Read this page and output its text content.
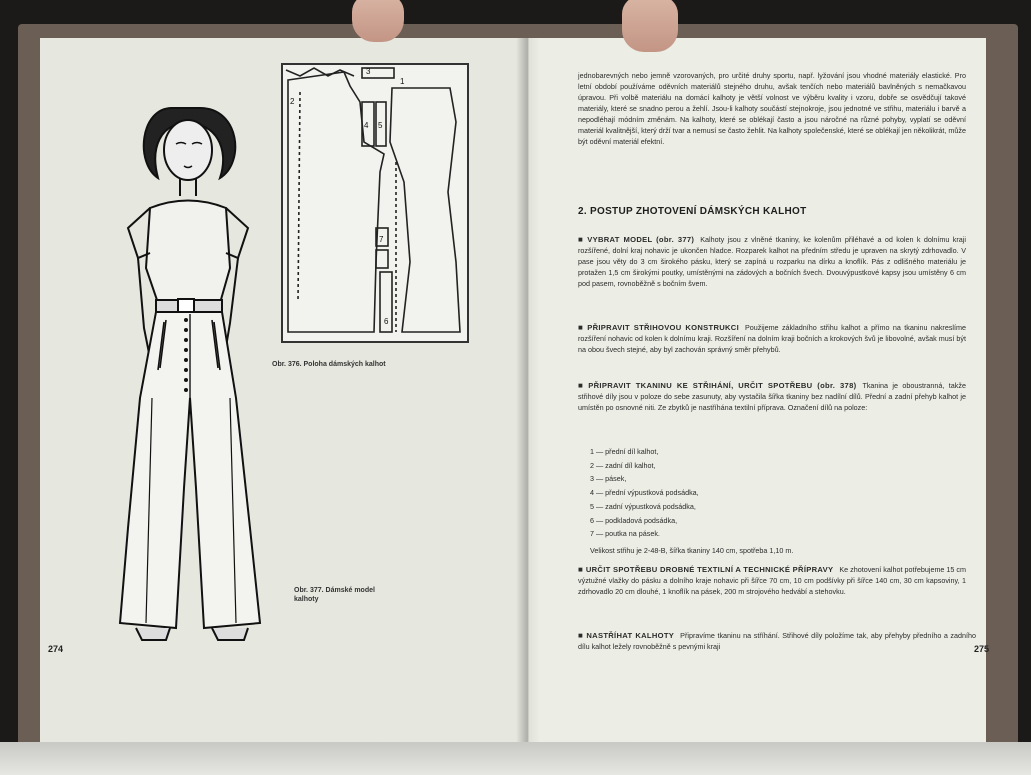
1
2
3
4 5
6
7
Obr. 376. Poloha dámských kalhot
Obr. 377. Dámské model kalhoty
274
jednobarevných nebo jemně vzorovaných, pro určité druhy sportu, např. lyžování jsou vhodné materiály elastické. Pro letní období používáme oděvních materiálů stejného druhu, avšak tenčích nebo materiálů bavlněných s nemačkavou úpravou. Při volbě materiálu na domácí kalhoty je větší volnost ve výběru kvality i vzoru, dobře se osvědčují takové materiály, které se snadno perou a žehlí. Jsou-li kalhoty součástí stejnokroje, jsou jednotné ve střihu, materiálu i barvě a nepodléhají módním změnám. Na kalhoty, které se oblékají často a jsou náročné na různé pohyby, vyplatí se oděvní materiál kvalitnější, který drží tvar a nemusí se často žehlit. Na kalhoty společenské, které se oblékají jen několikrát, může být oděvní materiál efektní.
2. POSTUP ZHOTOVENÍ DÁMSKÝCH KALHOT
■ VYBRAT MODEL (obr. 377) Kalhoty jsou z vlněné tkaniny, ke kolenům přiléhavé a od kolen k dolnímu kraji rozšířené, dolní kraj nohavic je ukončen hladce. Rozparek kalhot na předním středu je upraven na skrytý zdrhovadlo. V pase jsou věty do 3 cm širokého pásku, který se zapíná u rozparku na dírku a knoflík. Pás z odlišného materiálu je protažen 1,5 cm širokými poutky, umístěnými na zádových a bočních švech. Dvouvýpustkové kapsy jsou umístěny 6 cm pod pasem, rovnoběžně s bočním švem.
■ PŘIPRAVIT STŘIHOVOU KONSTRUKCI Použijeme základního střihu kalhot a přímo na tkaninu nakreslíme rozšíření nohavic od kolen k dolnímu kraji. Rozšíření na dolním kraji bočních a krokových švů je libovolné, avšak musí být na obou švech stejné, aby byl zachován správný směr přehybů.
■ PŘIPRAVIT TKANINU KE STŘIHÁNÍ, URČIT SPOTŘEBU (obr. 378) Tkanina je oboustranná, takže střihové díly jsou v poloze do sebe zasunuty, aby vystačila šířka tkaniny bez nadílní dílů. Přední a zadní přehyb kalhot je umístěn po osnovné niti. Ze zbytků je nastříhána textilní příprava. Označení dílů na poloze:
1 — přední díl kalhot,
2 — zadní díl kalhot,
3 — pásek,
4 — přední výpustková podsádka,
5 — zadní výpustková podsádka,
6 — podkladová podsádka,
7 — poutka na pásek.
Velikost střihu je 2-48-B, šířka tkaniny 140 cm, spotřeba 1,10 m.
■ URČIT SPOTŘEBU DROBNÉ TEXTILNÍ A TECHNICKÉ PŘÍPRAVY Ke zhotovení kalhot potřebujeme 15 cm výztužné vlažky do pásku a dolního kraje nohavic při šířce 70 cm, 10 cm podšívky při šířce 140 cm, 30 cm kapsoviny, 1 zdrhovadlo 20 cm dlouhé, 1 knoflík na pásek, 200 m strojového hedvábí a stehovku.
■ NASTŘÍHAT KALHOTY Připravíme tkaninu na stříhání. Střihové díly položíme tak, aby přehyby předního a zadního dílu kalhot ležely rovnoběžně s pevnými kraji	275
